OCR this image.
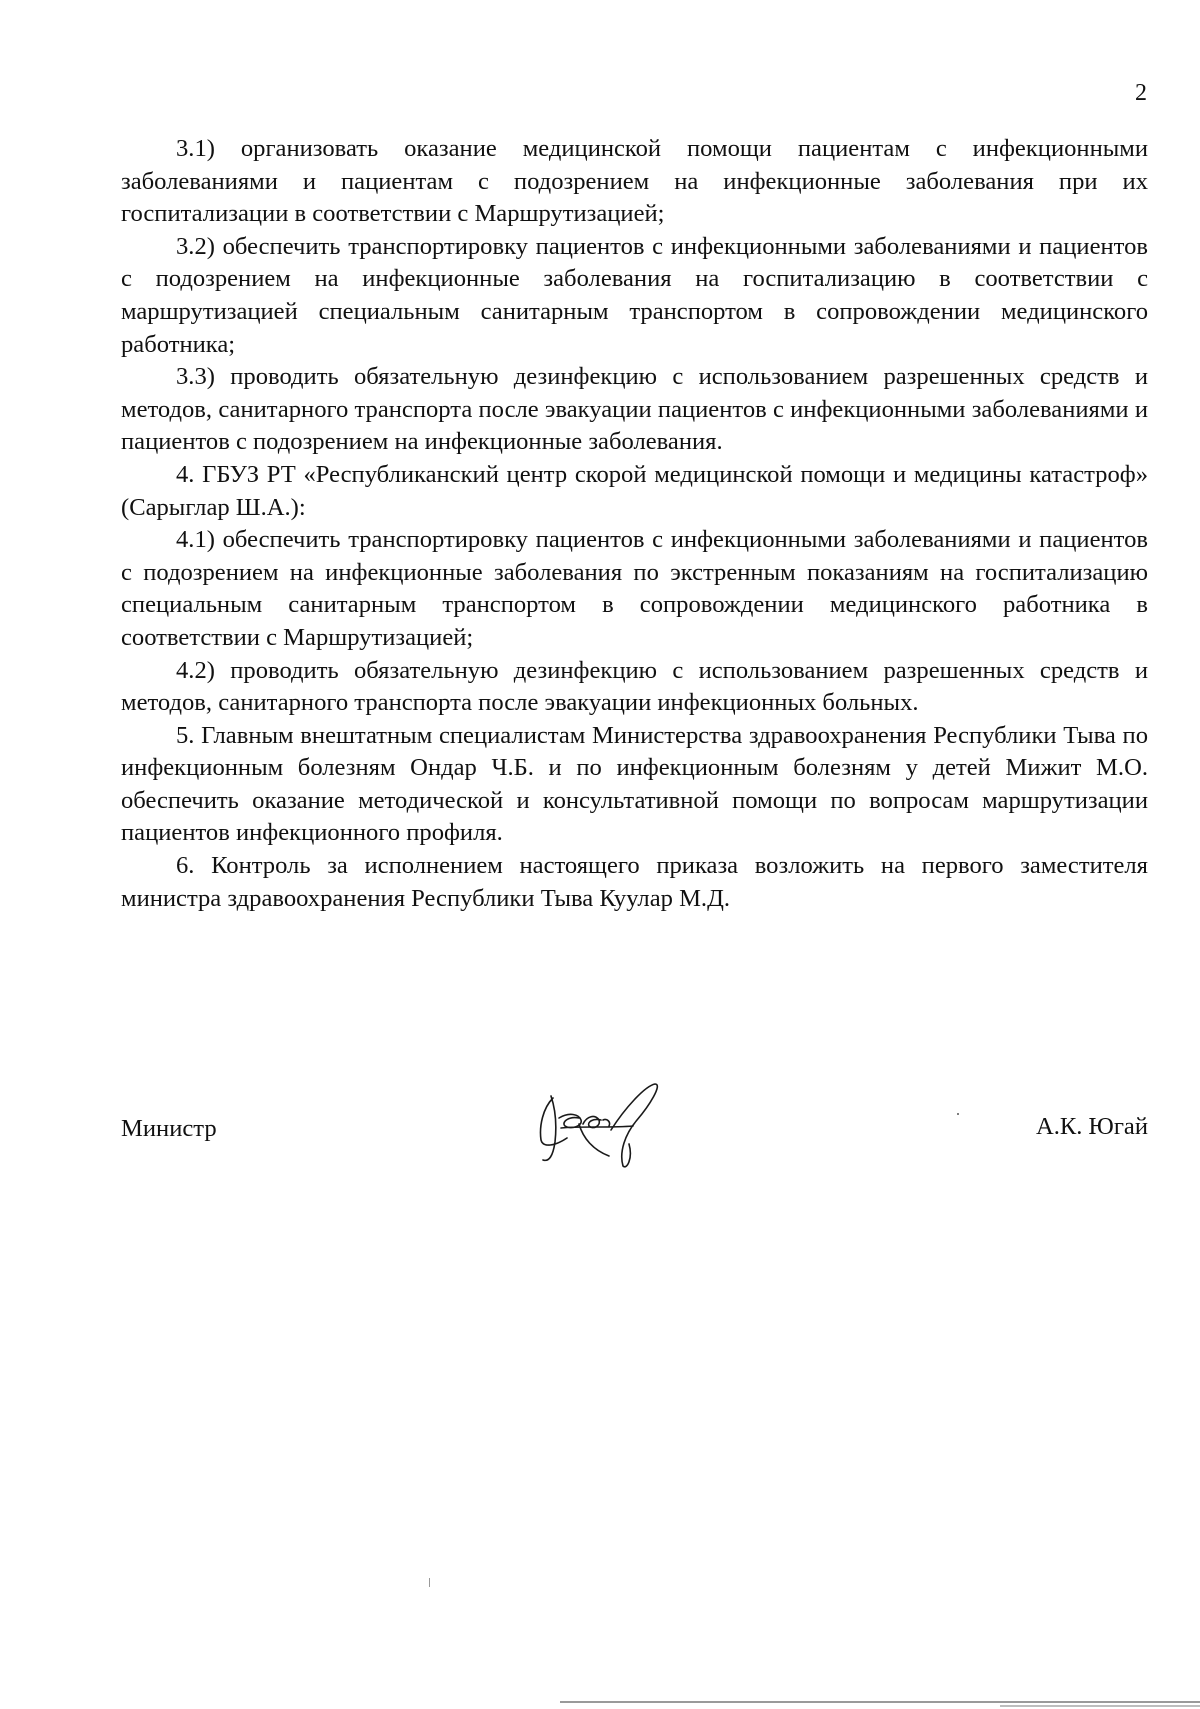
2

3.1) организовать оказание медицинской помощи пациентам с инфекционными заболеваниями и пациентам с подозрением на инфекционные заболевания при их госпитализации в соответствии с Маршрутизацией;

3.2) обеспечить транспортировку пациентов с инфекционными заболеваниями и пациентов с подозрением на инфекционные заболевания на госпитализацию в соответствии с маршрутизацией специальным санитарным транспортом в сопровождении медицинского работника;

3.3) проводить обязательную дезинфекцию с использованием разрешенных средств и методов, санитарного транспорта после эвакуации пациентов с инфекционными заболеваниями и пациентов с подозрением на инфекционные заболевания.

4. ГБУЗ РТ «Республиканский центр скорой медицинской помощи и медицины катастроф» (Сарыглар Ш.А.):

4.1) обеспечить транспортировку пациентов с инфекционными заболеваниями и пациентов с подозрением на инфекционные заболевания по экстренным показаниям на госпитализацию специальным санитарным транспортом в сопровождении медицинского работника в соответствии с Маршрутизацией;

4.2) проводить обязательную дезинфекцию с использованием разрешенных средств и методов, санитарного транспорта после эвакуации инфекционных больных.

5. Главным внештатным специалистам Министерства здравоохранения Республики Тыва по инфекционным болезням Ондар Ч.Б. и по инфекционным болезням у детей Мижит М.О. обеспечить оказание методической и консультативной помощи по вопросам маршрутизации пациентов инфекционного профиля.

6. Контроль за исполнением настоящего приказа возложить на первого заместителя министра здравоохранения Республики Тыва Куулар М.Д.

Министр	А.К. Югай
